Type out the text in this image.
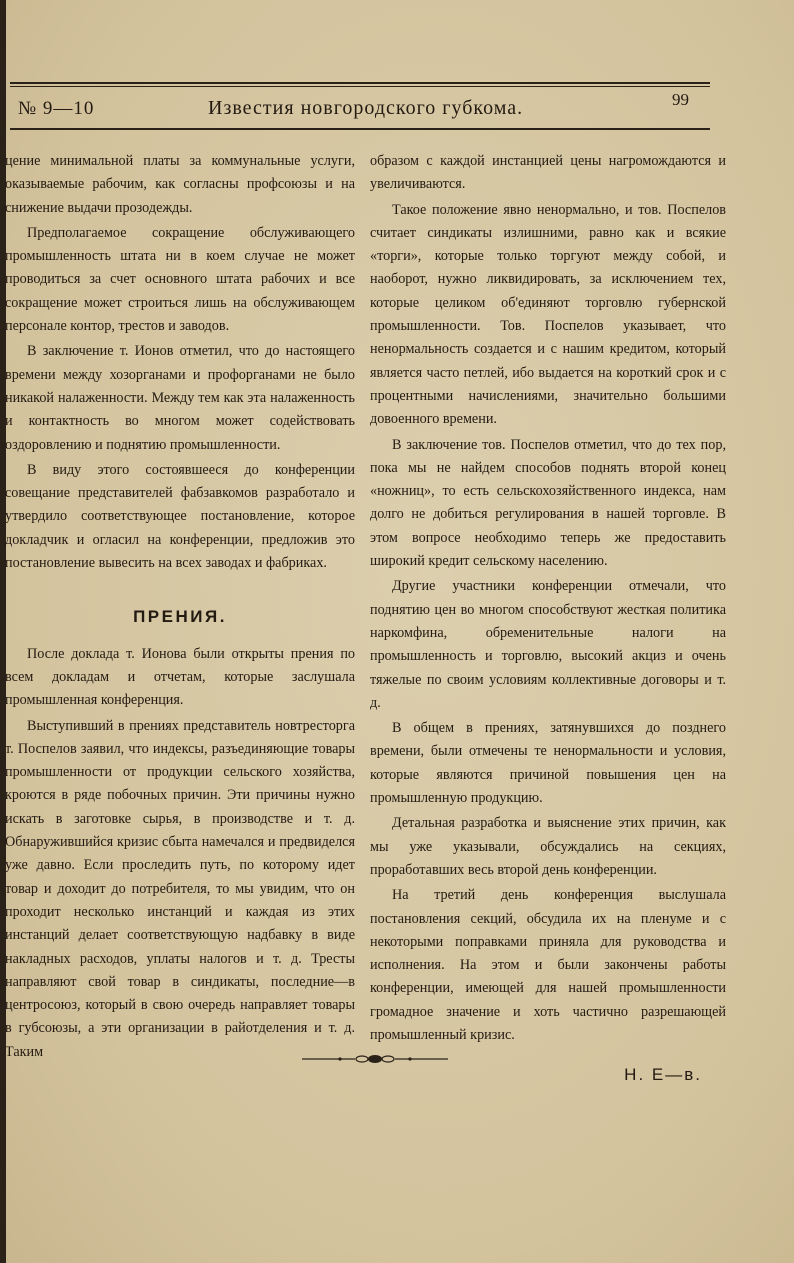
№ 9—10	Известия новгородского губкома.	99

цение минимальной платы за коммунальные услуги, оказываемые рабочим, как согласны профсоюзы и на снижение выдачи прозодежды.

Предполагаемое сокращение обслуживающего промышленность штата ни в коем случае не может проводиться за счет основного штата рабочих и все сокращение может строиться лишь на обслуживающем персонале контор, трестов и заводов.

В заключение т. Ионов отметил, что до настоящего времени между хозорганами и профорганами не было никакой налаженности. Между тем как эта налаженность и контактность во многом может содействовать оздоровлению и поднятию промышленности.

В виду этого состоявшееся до конференции совещание представителей фабзавкомов разработало и утвердило соответствующее постановление, которое докладчик и огласил на конференции, предложив это постановление вывесить на всех заводах и фабриках.

ПРЕНИЯ.

После доклада т. Ионова были открыты прения по всем докладам и отчетам, которые заслушала промышленная конференция.

Выступивший в прениях представитель новтресторга т. Поспелов заявил, что индексы, разъединяющие товары промышленности от продукции сельского хозяйства, кроются в ряде побочных причин. Эти причины нужно искать в заготовке сырья, в производстве и т. д. Обнаружившийся кризис сбыта намечался и предвиделся уже давно. Если проследить путь, по которому идет товар и доходит до потребителя, то мы увидим, что он проходит несколько инстанций и каждая из этих инстанций делает соответствующую надбавку в виде накладных расходов, уплаты налогов и т. д. Тресты направляют свой товар в синдикаты, последние—в центросоюз, который в свою очередь направляет товары в губсоюзы, а эти организации в райотделения и т. д. Таким

образом с каждой инстанцией цены нагромождаются и увеличиваются.

Такое положение явно ненормально, и тов. Поспелов считает синдикаты излишними, равно как и всякие «торги», которые только торгуют между собой, и наоборот, нужно ликвидировать, за исключением тех, которые целиком об'единяют торговлю губернской промышленности. Тов. Поспелов указывает, что ненормальность создается и с нашим кредитом, который является часто петлей, ибо выдается на короткий срок и с процентными начислениями, значительно большими довоенного времени.

В заключение тов. Поспелов отметил, что до тех пор, пока мы не найдем способов поднять второй конец «ножниц», то есть сельскохозяйственного индекса, нам долго не добиться регулирования в нашей торговле. В этом вопросе необходимо теперь же предоставить широкий кредит сельскому населению.

Другие участники конференции отмечали, что поднятию цен во многом способствуют жесткая политика наркомфина, обременительные налоги на промышленность и торговлю, высокий акциз и очень тяжелые по своим условиям коллективные договоры и т. д.

В общем в прениях, затянувшихся до позднего времени, были отмечены те ненормальности и условия, которые являются причиной повышения цен на промышленную продукцию.

Детальная разработка и выяснение этих причин, как мы уже указывали, обсуждались на секциях, проработавших весь второй день конференции.

На третий день конференция выслушала постановления секций, обсудила их на пленуме и с некоторыми поправками приняла для руководства и исполнения. На этом и были закончены работы конференции, имеющей для нашей промышленности громадное значение и хоть частично разрешающей промышленный кризис.

Н. Е—в.
